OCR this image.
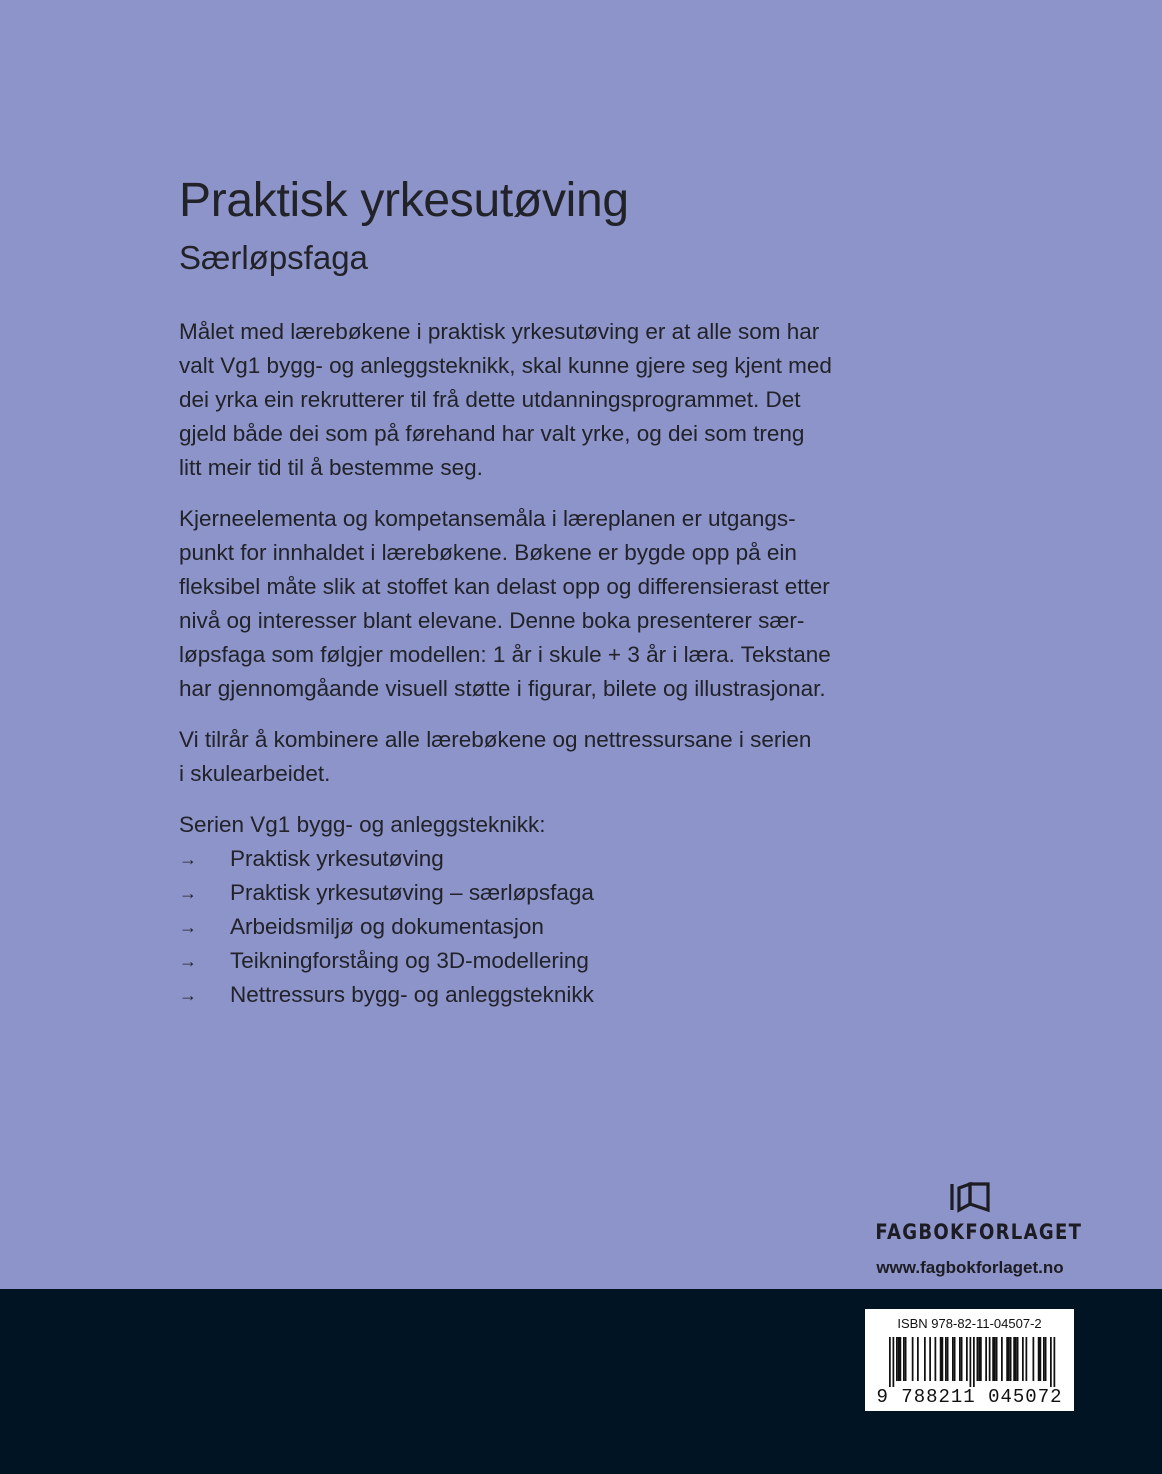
Praktisk yrkesutøving
Særløpsfaga

Målet med lærebøkene i praktisk yrkesutøving er at alle som har
valt Vg1 bygg- og anleggsteknikk, skal kunne gjere seg kjent med
dei yrka ein rekrutterer til frå dette utdanningsprogrammet. Det
gjeld både dei som på førehand har valt yrke, og dei som treng
litt meir tid til å bestemme seg.

Kjerneelementa og kompetansemåla i læreplanen er utgangs-
punkt for innhaldet i lærebøkene. Bøkene er bygde opp på ein
fleksibel måte slik at stoffet kan delast opp og differensierast etter
nivå og interesser blant elevane. Denne boka presenterer sær-
løpsfaga som følgjer modellen: 1 år i skule + 3 år i læra. Tekstane
har gjennomgåande visuell støtte i figurar, bilete og illustrasjonar.

Vi tilrår å kombinere alle lærebøkene og nettressursane i serien
i skulearbeidet.

Serien Vg1 bygg- og anleggsteknikk:

→ Praktisk yrkesutøving
→ Praktisk yrkesutøving – særløpsfaga
→ Arbeidsmiljø og dokumentasjon
→ Teikningforståing og 3D-modellering
→ Nettressurs bygg- og anleggsteknikk
FAGBOKFORLAGET
www.fagbokforlaget.no
ISBN 978-82-11-04507-2
9 788211 045072
